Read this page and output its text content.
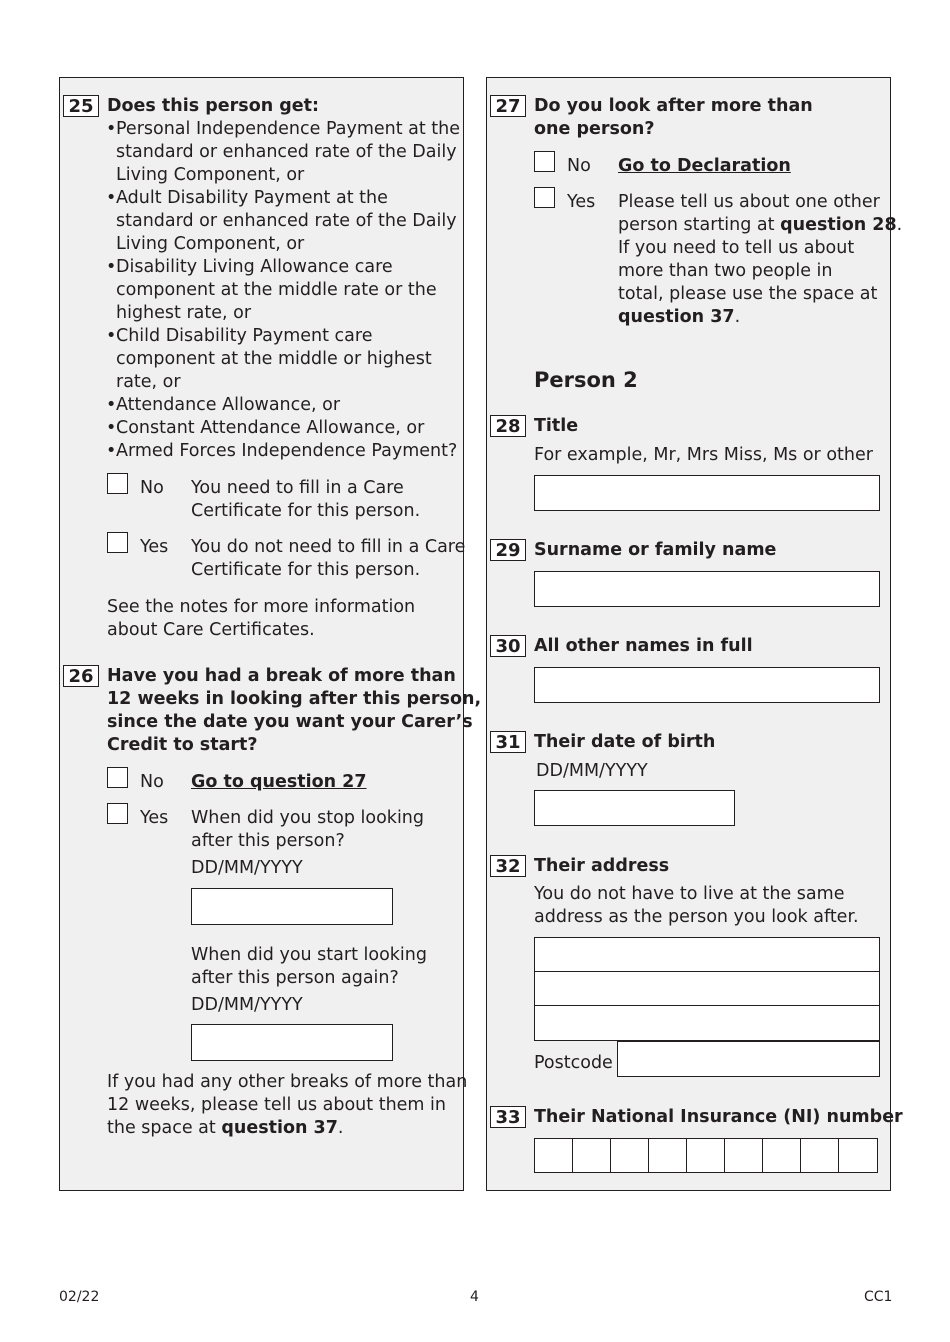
25 Does this person get:
• Personal Independence Payment at the
standard or enhanced rate of the Daily
Living Component, or
• Adult Disability Payment at the
standard or enhanced rate of the Daily
Living Component, or
• Disability Living Allowance care
component at the middle rate or the
highest rate, or
• Child Disability Payment care
component at the middle or highest
rate, or
• Attendance Allowance, or
• Constant Attendance Allowance, or
• Armed Forces Independence Payment?
No You need to fill in a Care
Certificate for this person.
Yes You do not need to fill in a Care
Certificate for this person.
See the notes for more information
about Care Certificates.
26 Have you had a break of more than
12 weeks in looking after this person,
since the date you want your Carer’s
Credit to start?
No Go to question 27
Yes When did you stop looking
after this person?
DD/MM/YYYY
When did you start looking
after this person again?
DD/MM/YYYY
If you had any other breaks of more than
12 weeks, please tell us about them in
the space at question 37.
27 Do you look after more than
one person?
No Go to Declaration
Yes Please tell us about one other
person starting at question 28.
If you need to tell us about
more than two people in
total, please use the space at
question 37.
Person 2
28 Title
For example, Mr, Mrs Miss, Ms or other
29 Surname or family name
30 All other names in full
31 Their date of birth
DD/MM/YYYY
32 Their address
You do not have to live at the same
address as the person you look after.
Postcode
33 Their National Insurance (NI) number
02/22	4	CC1
